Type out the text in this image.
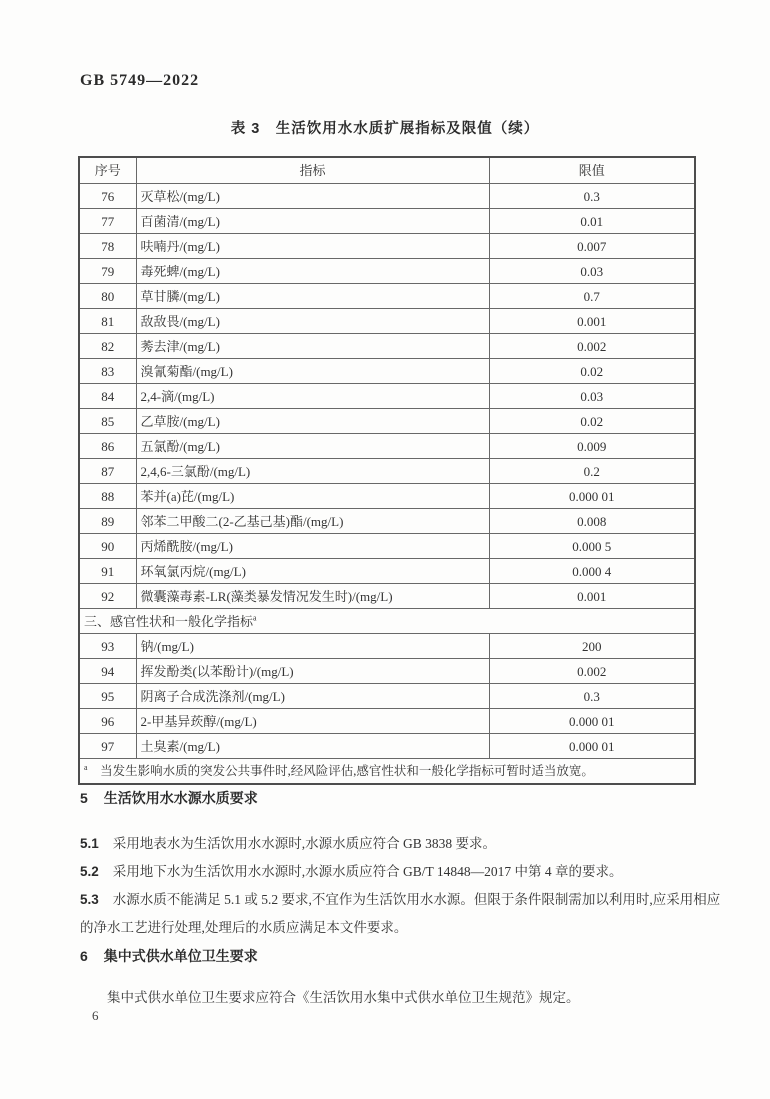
GB 5749—2022
表 3　生活饮用水水质扩展指标及限值（续）
序号	指标	限值
76	灭草松/(mg/L)	0.3
77	百菌清/(mg/L)	0.01
78	呋喃丹/(mg/L)	0.007
79	毒死蜱/(mg/L)	0.03
80	草甘膦/(mg/L)	0.7
81	敌敌畏/(mg/L)	0.001
82	莠去津/(mg/L)	0.002
83	溴氰菊酯/(mg/L)	0.02
84	2,4-滴/(mg/L)	0.03
85	乙草胺/(mg/L)	0.02
86	五氯酚/(mg/L)	0.009
87	2,4,6-三氯酚/(mg/L)	0.2
88	苯并(a)芘/(mg/L)	0.000 01
89	邻苯二甲酸二(2-乙基己基)酯/(mg/L)	0.008
90	丙烯酰胺/(mg/L)	0.000 5
91	环氧氯丙烷/(mg/L)	0.000 4
92	微囊藻毒素-LR(藻类暴发情况发生时)/(mg/L)	0.001
三、感官性状和一般化学指标$^a$
93	钠/(mg/L)	200
94	挥发酚类(以苯酚计)/(mg/L)	0.002
95	阴离子合成洗涤剂/(mg/L)	0.3
96	2-甲基异莰醇/(mg/L)	0.000 01
97	土臭素/(mg/L)	0.000 01
$^a$　 当发生影响水质的突发公共事件时,经风险评估,感官性状和一般化学指标可暂时适当放宽。		
5 生活饮用水水源水质要求
5.1 采用地表水为生活饮用水水源时,水源水质应符合 GB 3838 要求。
5.2 采用地下水为生活饮用水水源时,水源水质应符合 GB/T 14848—2017 中第 4 章的要求。
5.3 水源水质不能满足 5.1 或 5.2 要求,不宜作为生活饮用水水源。但限于条件限制需加以利用时,应采用相应的净水工艺进行处理,处理后的水质应满足本文件要求。
6 集中式供水单位卫生要求
集中式供水单位卫生要求应符合《生活饮用水集中式供水单位卫生规范》规定。
6
